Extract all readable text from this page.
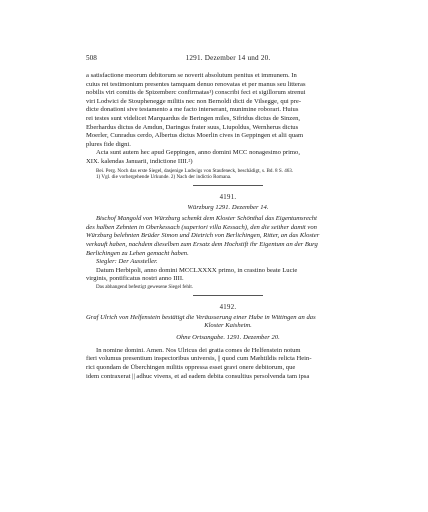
508	1291. Dezember 14 und 20.

a satisfactione meorum debitorum se noverit absolutum penitus et immunem. In

cuius rei testimonium presentes tamquam denuo renovatas et per manus seu litteras

nobilis viri comitis de Spizemberc confirmatas¹) conscribi feci et sigillorum strenui

viri Lodwici de Stouphenegge militis nec non Bernoldi dicti de Vilsegge, qui pre-

dicte donationi sive testamento a me facto interserant, munimine roborari. Huius

rei testes sunt videlicet Marquardus de Beringen miles, Sifridus dictus de Sinzen,

Eberhardus dictus de Amdun, Daringus frater suus, Liupoldus, Wernherus dictus

Moerler, Cunradus cerdo, Albertus dictus Moerlin cives in Geppingen et alii quam

plures fide digni.

Acta sunt autem hec apud Geppingen, anno domini MCC nonagesimo primo,

XIX. kalendas Januarii, indictione IIII.²)

Bei. Perg. Noch das erste Siegel, dasjenige Ludwigs von Staufeneck, beschädigt, s. Bd. 8 S. 463.

1) Vgl. die vorhergehende Urkunde. 2) Nach der indictio Romana.

4191.
Würzburg 1291. Dezember 14.

Bischof Mangold von Würzburg schenkt dem Kloster Schönthal das Eigentumsrecht

des halben Zehnten in Oberkessach (superiori villa Kessach), den die seither damit von

Würzburg belehnten Brüder Simon und Dietrich von Berlichingen, Ritter, an das Kloster

verkauft haben, nachdem dieselben zum Ersatz dem Hochstift ihr Eigentum an der Burg

Berlichingen zu Lehen gemacht haben.

Siegler: Der Aussteller.

Datum Herbipoli, anno domini MCCLXXXX primo, in crastino beate Lucie

virginis, pontificatus nostri anno IIII.

Das abhangend befestigt gewesene Siegel fehlt.

4192.

Graf Ulrich von Helfenstein bestätigt die Veräusserung einer Hube in Wittingen an das

Kloster Kaisheim.

Ohne Ortsangabe. 1291. Dezember 20.

In nomine domini. Amen. Nos Ulricus dei gratia comes de Helfenstein notum

fieri volumus presentium inspectoribus universis, || quod cum Mæhtildis relicta Hein-

rici quondam de Überchingen militis oppressa esset gravi onere debitorum, que

idem contraxerat || adhuc vivens, et ad eadem debita consultius persolvenda tam ipsa
